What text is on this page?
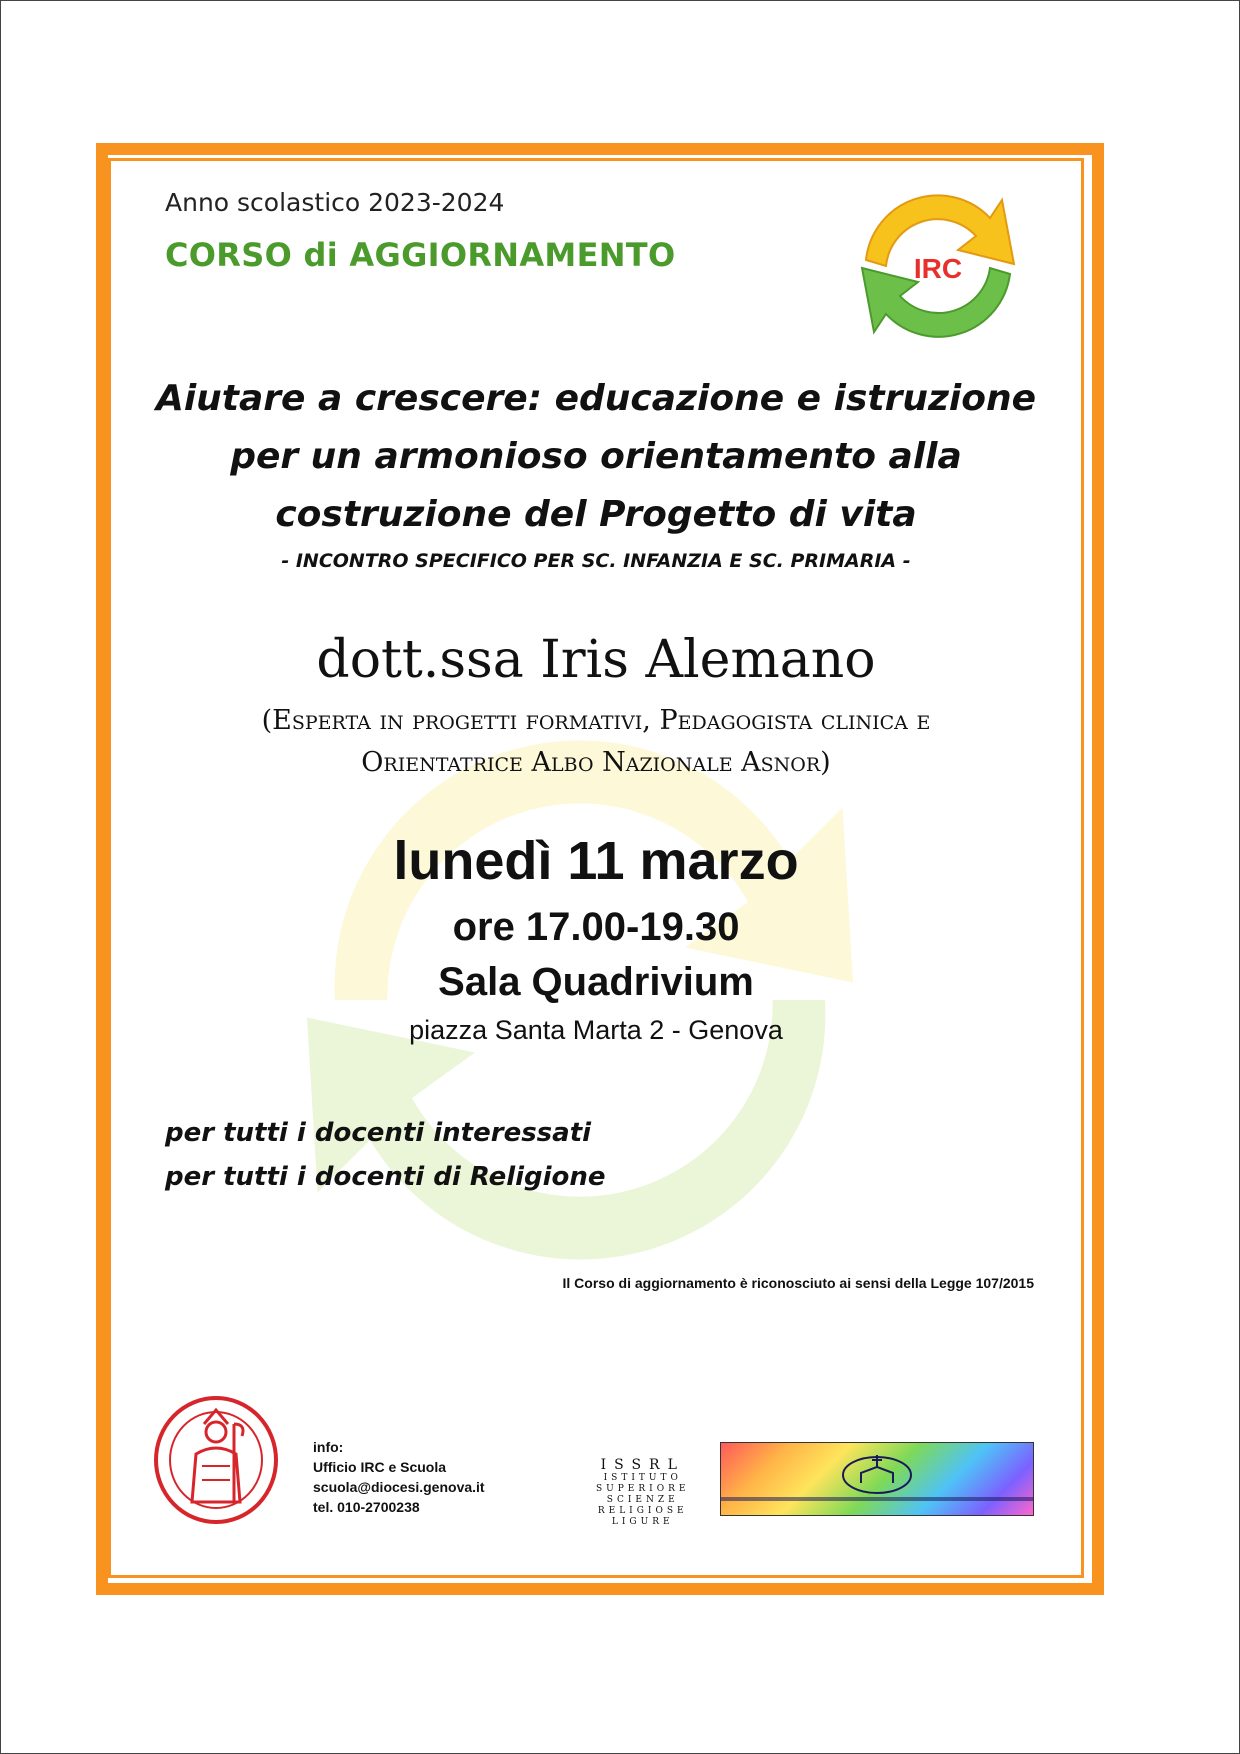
Anno scolastico 2023-2024
CORSO di AGGIORNAMENTO	IRC
Aiutare a crescere: educazione e istruzione
per un armonioso orientamento alla
costruzione del Progetto di vita
- INCONTRO SPECIFICO PER SC. INFANZIA E SC. PRIMARIA -
dott.ssa Iris Alemano
(Esperta in progetti formativi, Pedagogista clinica e
Orientatrice Albo Nazionale Asnor)
lunedì 11 marzo
ore 17.00-19.30
Sala Quadrivium
piazza Santa Marta 2 - Genova
per tutti i docenti interessati
per tutti i docenti di Religione
Il Corso di aggiornamento è riconosciuto ai sensi della Legge 107/2015
info:
Ufficio IRC e Scuola
scuola@diocesi.genova.it
tel. 010-2700238
ISSRL
ISTITUTO
SUPERIORE
SCIENZE
RELIGIOSE
LIGURE
